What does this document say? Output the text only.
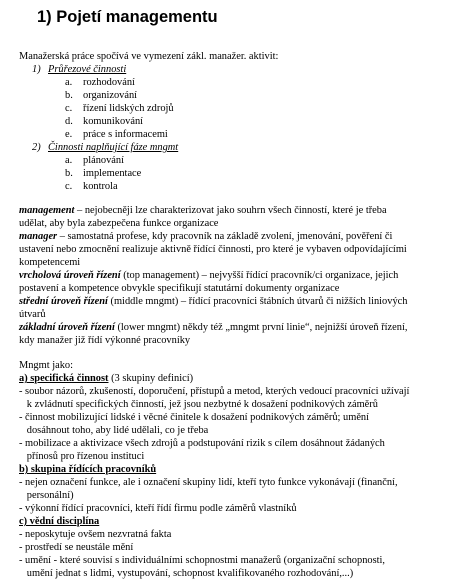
1) Pojetí managementu
Manažerská práce spočívá ve vymezení zákl. manažer. aktivit:
1) Průřezové činnosti
a. rozhodování
b. organizování
c. řízení lidských zdrojů
d. komunikování
e. práce s informacemi
2) Činnosti naplňující fáze mngmt
a. plánování
b. implementace
c. kontrola
management – nejobecněji lze charakterizovat jako souhrn všech činností, které je třeba
udělat, aby byla zabezpečena funkce organizace
manager – samostatná profese, kdy pracovník na základě zvolení, jmenování, pověření či
ustavení nebo zmocnění realizuje aktivně řídící činnosti, pro které je vybaven odpovídajícími
kompetencemi
vrcholová úroveň řízení (top management) – nejvyšší řídící pracovník/ci organizace, jejich
postavení a kompetence obvykle specifikují statutární dokumenty organizace
střední úroveň řízení (middle mngmt) – řídící pracovníci štábních útvarů či nižších liniových
útvarů
základní úroveň řízení (lower mngmt) někdy též „mngmt první linie“, nejnižší úroveň řízení,
kdy manažer již řídí výkonné pracovníky
Mngmt jako:
a) specifická činnost (3 skupiny definicí)
- soubor názorů, zkušeností, doporučení, přístupů a metod, kterých vedoucí pracovníci užívají
k zvládnutí specifických činností, jež jsou nezbytné k dosažení podnikových záměrů
- činnost mobilizující lidské i věcné činitele k dosažení podnikových záměrů; umění
dosáhnout toho, aby lidé udělali, co je třeba
- mobilizace a aktivizace všech zdrojů a podstupování rizik s cílem dosáhnout žádaných
přínosů pro řízenou instituci
b) skupina řídících pracovníků
- nejen označení funkce, ale i označení skupiny lidí, kteří tyto funkce vykonávají (finanční,
personální)
- výkonní řídící pracovníci, kteří řídí firmu podle záměrů vlastníků
c) vědní disciplína
- neposkytuje ovšem nezvratná fakta
- prostředí se neustále mění
- umění - které souvisí s individuálními schopnostmi manažerů (organizační schopnosti,
umění jednat s lidmi, vystupování, schopnost kvalifikovaného rozhodování,...)
